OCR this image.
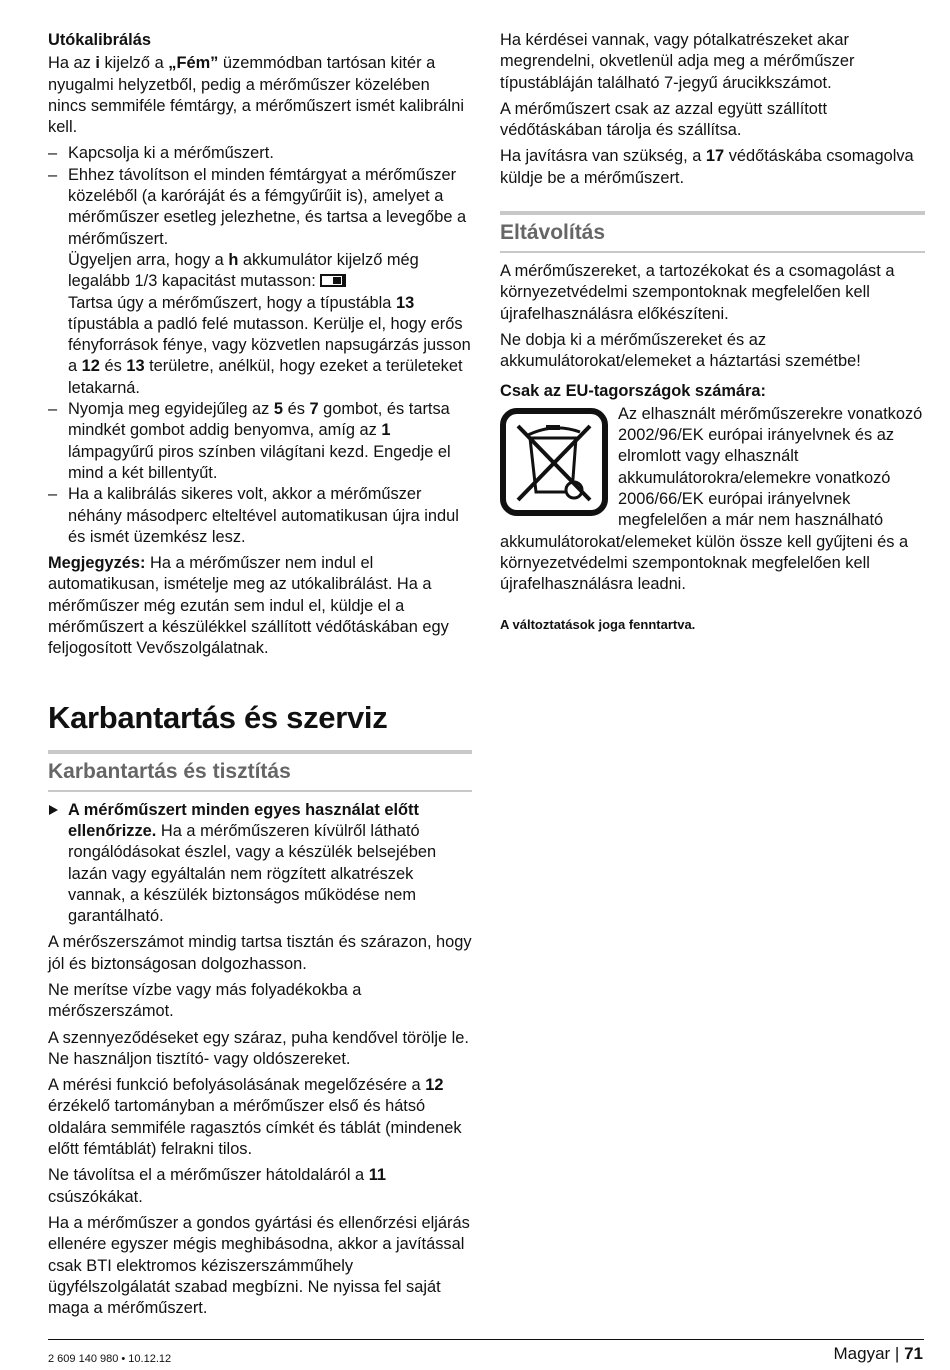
Utókalibrálás

Ha az i kijelző a „Fém” üzemmódban tartósan kitér a nyugalmi helyzetből, pedig a mérőműszer közelében nincs semmiféle fémtárgy, a mérőműszert ismét kalibrálni kell.

– Kapcsolja ki a mérőműszert.

– Ehhez távolítson el minden fémtárgyat a mérőműszer közeléből (a karóráját és a fémgyűrűit is), amelyet a mérőműszer esetleg jelezhetne, és tartsa a levegőbe a mérőműszert.

Ügyeljen arra, hogy a h akkumulátor kijelző még legalább 1/3 kapacitást mutasson:

Tartsa úgy a mérőműszert, hogy a típustábla 13 típustábla a padló felé mutasson. Kerülje el, hogy erős fényforrások fénye, vagy közvetlen napsugárzás jusson a 12 és 13 területre, anélkül, hogy ezeket a területeket letakarná.

– Nyomja meg egyidejűleg az 5 és 7 gombot, és tartsa mindkét gombot addig benyomva, amíg az 1 lámpagyűrű piros színben világítani kezd. Engedje el mind a két billentyűt.

– Ha a kalibrálás sikeres volt, akkor a mérőműszer néhány másodperc elteltével automatikusan újra indul és ismét üzemkész lesz.

Megjegyzés: Ha a mérőműszer nem indul el automatikusan, ismételje meg az utókalibrálást. Ha a mérőműszer még ezután sem indul el, küldje el a mérőműszert a készülékkel szállított védőtáskában egy feljogosított Vevőszolgálatnak.

Karbantartás és szerviz
Karbantartás és tisztítás

A mérőműszert minden egyes használat előtt ellenőrizze. Ha a mérőműszeren kívülről látható rongálódásokat észlel, vagy a készülék belsejében lazán vagy egyáltalán nem rögzített alkatrészek vannak, a készülék biztonságos működése nem garantálható.

A mérőszerszámot mindig tartsa tisztán és szárazon, hogy jól és biztonságosan dolgozhasson.

Ne merítse vízbe vagy más folyadékokba a mérőszerszámot.

A szennyeződéseket egy száraz, puha kendővel törölje le. Ne használjon tisztító- vagy oldószereket.

A mérési funkció befolyásolásának megelőzésére a 12 érzékelő tartományban a mérőműszer első és hátsó oldalára semmiféle ragasztós címkét és táblát (mindenek előtt fémtáblát) felrakni tilos.

Ne távolítsa el a mérőműszer hátoldaláról a 11 csúszókákat.

Ha a mérőműszer a gondos gyártási és ellenőrzési eljárás ellenére egyszer mégis meghibásodna, akkor a javítással csak BTI elektromos kéziszerszámműhely ügyfélszolgálatát szabad megbízni. Ne nyissa fel saját maga a mérőműszert.

Ha kérdései vannak, vagy pótalkatrészeket akar megrendelni, okvetlenül adja meg a mérőműszer típustábláján található 7-jegyű árucikkszámot.

A mérőműszert csak az azzal együtt szállított védőtáskában tárolja és szállítsa.

Ha javításra van szükség, a 17 védőtáskába csomagolva küldje be a mérőműszert.

Eltávolítás

A mérőműszereket, a tartozékokat és a csomagolást a környezetvédelmi szempontoknak megfelelően kell újrafelhasználásra előkészíteni.

Ne dobja ki a mérőműszereket és az akkumulátorokat/elemeket a háztartási szemétbe!

Csak az EU-tagországok számára:

Az elhasznált mérőműszerekre vonatkozó 2002/96/EK európai irányelvnek és az elromlott vagy elhasznált akkumulátorokra/elemekre vonatkozó 2006/66/EK európai irányelvnek megfelelően a már nem használható akkumulátorokat/elemeket külön össze kell gyűjteni és a környezetvédelmi szempontoknak megfelelően kell újrafelhasználásra leadni.

A változtatások joga fenntartva.

2 609 140 980 • 10.12.12	Magyar | 71
